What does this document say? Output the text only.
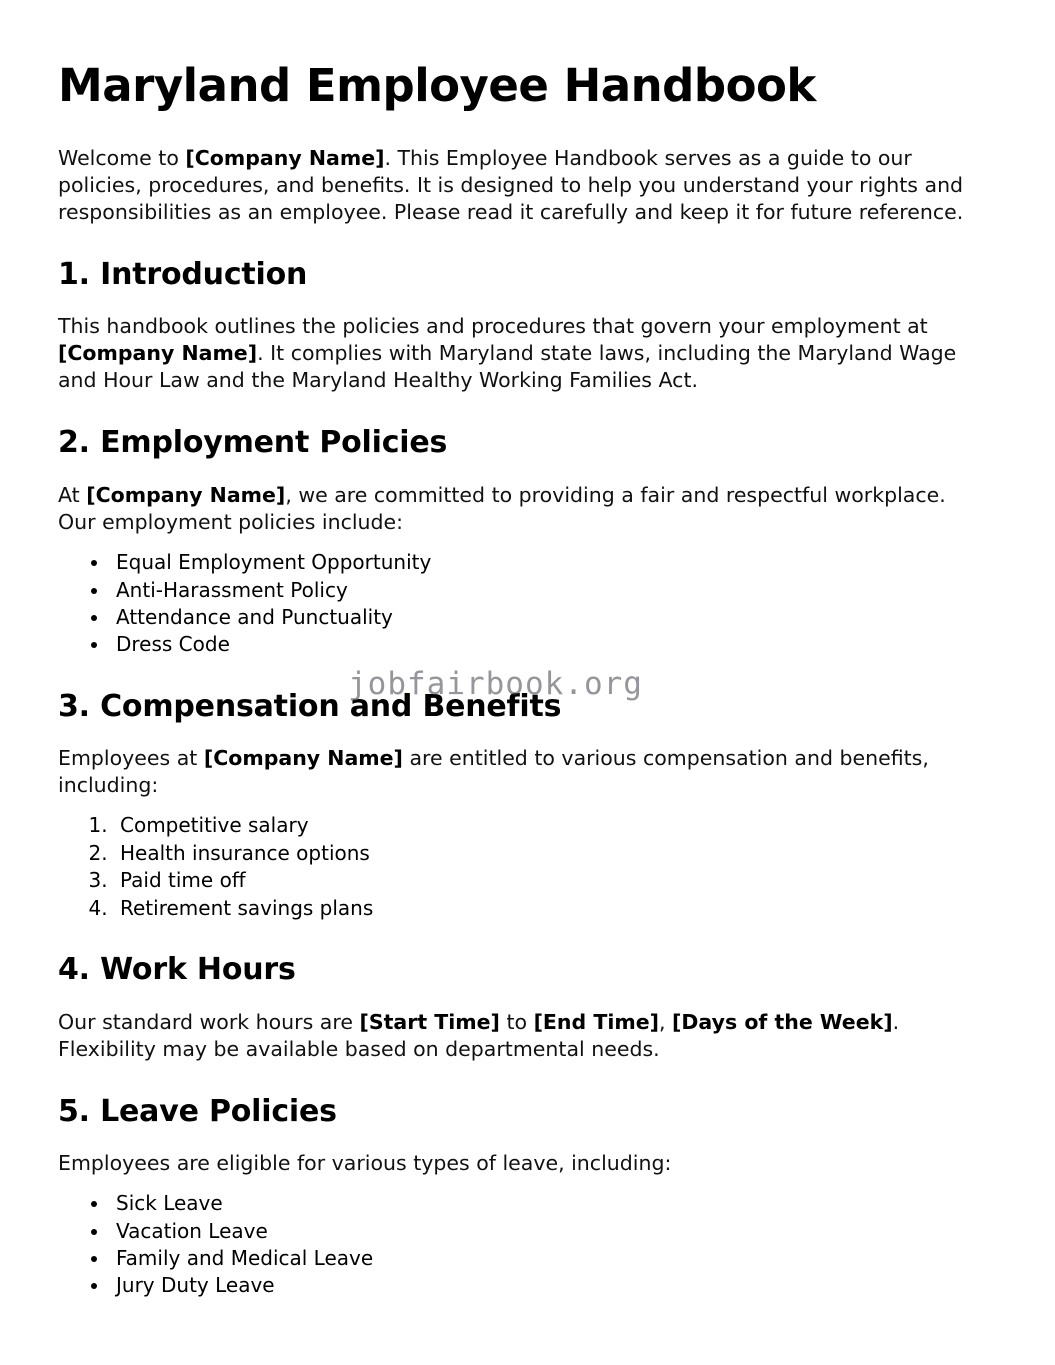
Maryland Employee Handbook

Welcome to [Company Name]. This Employee Handbook serves as a guide to our policies, procedures, and benefits. It is designed to help you understand your rights and responsibilities as an employee. Please read it carefully and keep it for future reference.

1. Introduction

This handbook outlines the policies and procedures that govern your employment at [Company Name]. It complies with Maryland state laws, including the Maryland Wage and Hour Law and the Maryland Healthy Working Families Act.

2. Employment Policies

At [Company Name], we are committed to providing a fair and respectful workplace. Our employment policies include:

• Equal Employment Opportunity
• Anti-Harassment Policy
• Attendance and Punctuality
• Dress Code
3. Compensation and Benefits

Employees at [Company Name] are entitled to various compensation and benefits, including:

1. Competitive salary
2. Health insurance options
3. Paid time off
4. Retirement savings plans
4. Work Hours

Our standard work hours are [Start Time] to [End Time], [Days of the Week]. Flexibility may be available based on departmental needs.

5. Leave Policies

Employees are eligible for various types of leave, including:

• Sick Leave
• Vacation Leave
• Family and Medical Leave
• Jury Duty Leave
jobfairbook.org
